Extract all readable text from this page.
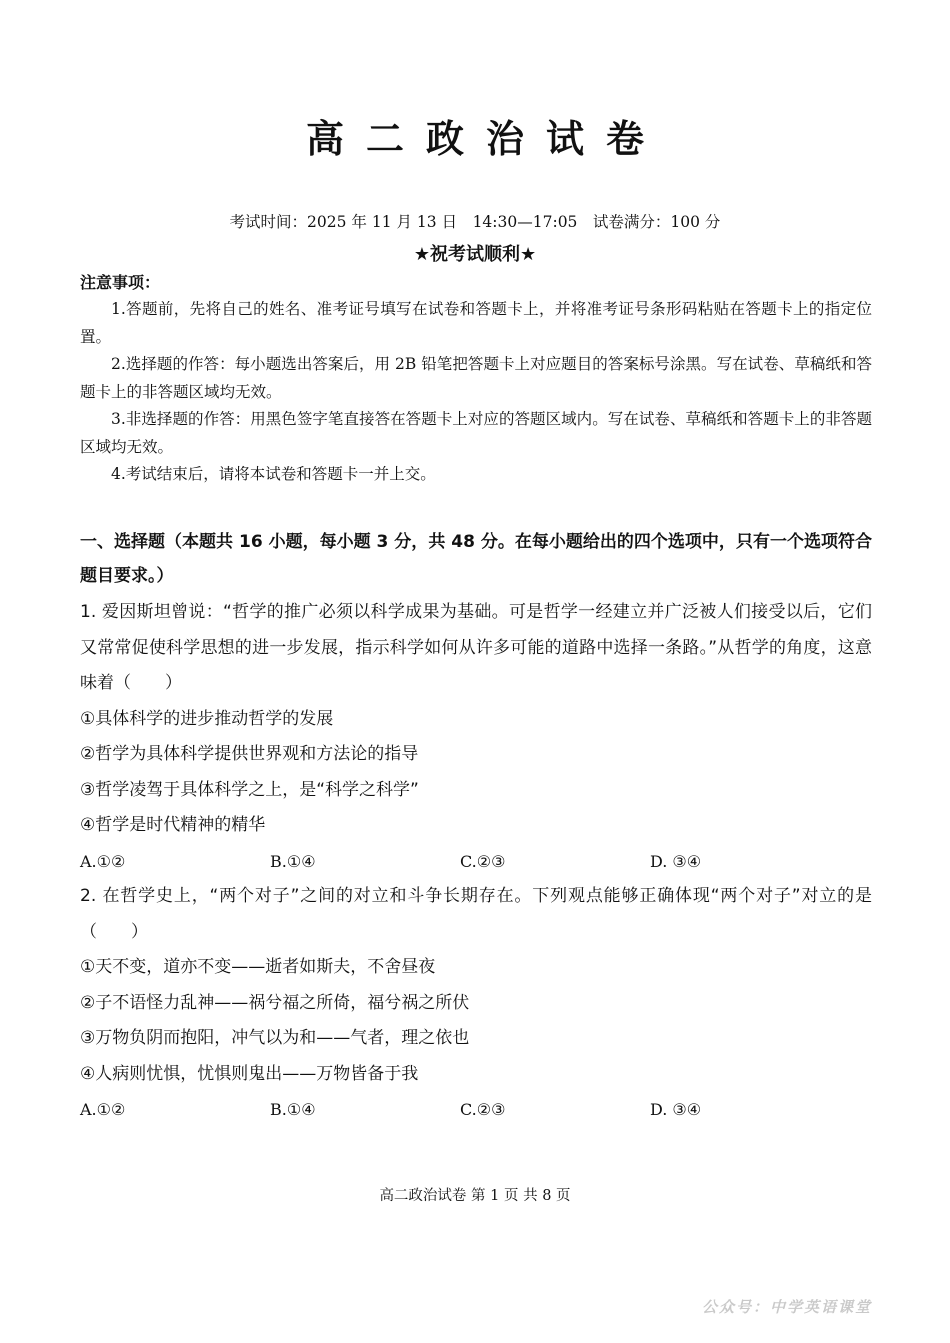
高二政治试卷
考试时间：2025 年 11 月 13 日　14:30—17:05　试卷满分：100 分
★祝考试顺利★
注意事项：

1.答题前，先将自己的姓名、准考证号填写在试卷和答题卡上，并将准考证号条形码粘贴在答题卡上的指定位置。

2.选择题的作答：每小题选出答案后，用 2B 铅笔把答题卡上对应题目的答案标号涂黑。写在试卷、草稿纸和答题卡上的非答题区域均无效。

3.非选择题的作答：用黑色签字笔直接答在答题卡上对应的答题区域内。写在试卷、草稿纸和答题卡上的非答题区域均无效。

4.考试结束后，请将本试卷和答题卡一并上交。

一、选择题（本题共 16 小题，每小题 3 分，共 48 分。在每小题给出的四个选项中，只有一个选项符合题目要求。）

1. 爱因斯坦曾说：“哲学的推广必须以科学成果为基础。可是哲学一经建立并广泛被人们接受以后，它们又常常促使科学思想的进一步发展，指示科学如何从许多可能的道路中选择一条路。”从哲学的角度，这意味着（　　）

①具体科学的进步推动哲学的发展

②哲学为具体科学提供世界观和方法论的指导

③哲学凌驾于具体科学之上，是“科学之科学”

④哲学是时代精神的精华

A.①②	B.①④	C.②③	D. ③④

2. 在哲学史上，“两个对子”之间的对立和斗争长期存在。下列观点能够正确体现“两个对子”对立的是（　　）

①天不变，道亦不变——逝者如斯夫，不舍昼夜

②子不语怪力乱神——祸兮福之所倚，福兮祸之所伏

③万物负阴而抱阳，冲气以为和——气者，理之依也

④人病则忧惧，忧惧则鬼出——万物皆备于我

A.①②	B.①④	C.②③	D. ③④
高二政治试卷 第 1 页 共 8 页
公众号：中学英语课堂
